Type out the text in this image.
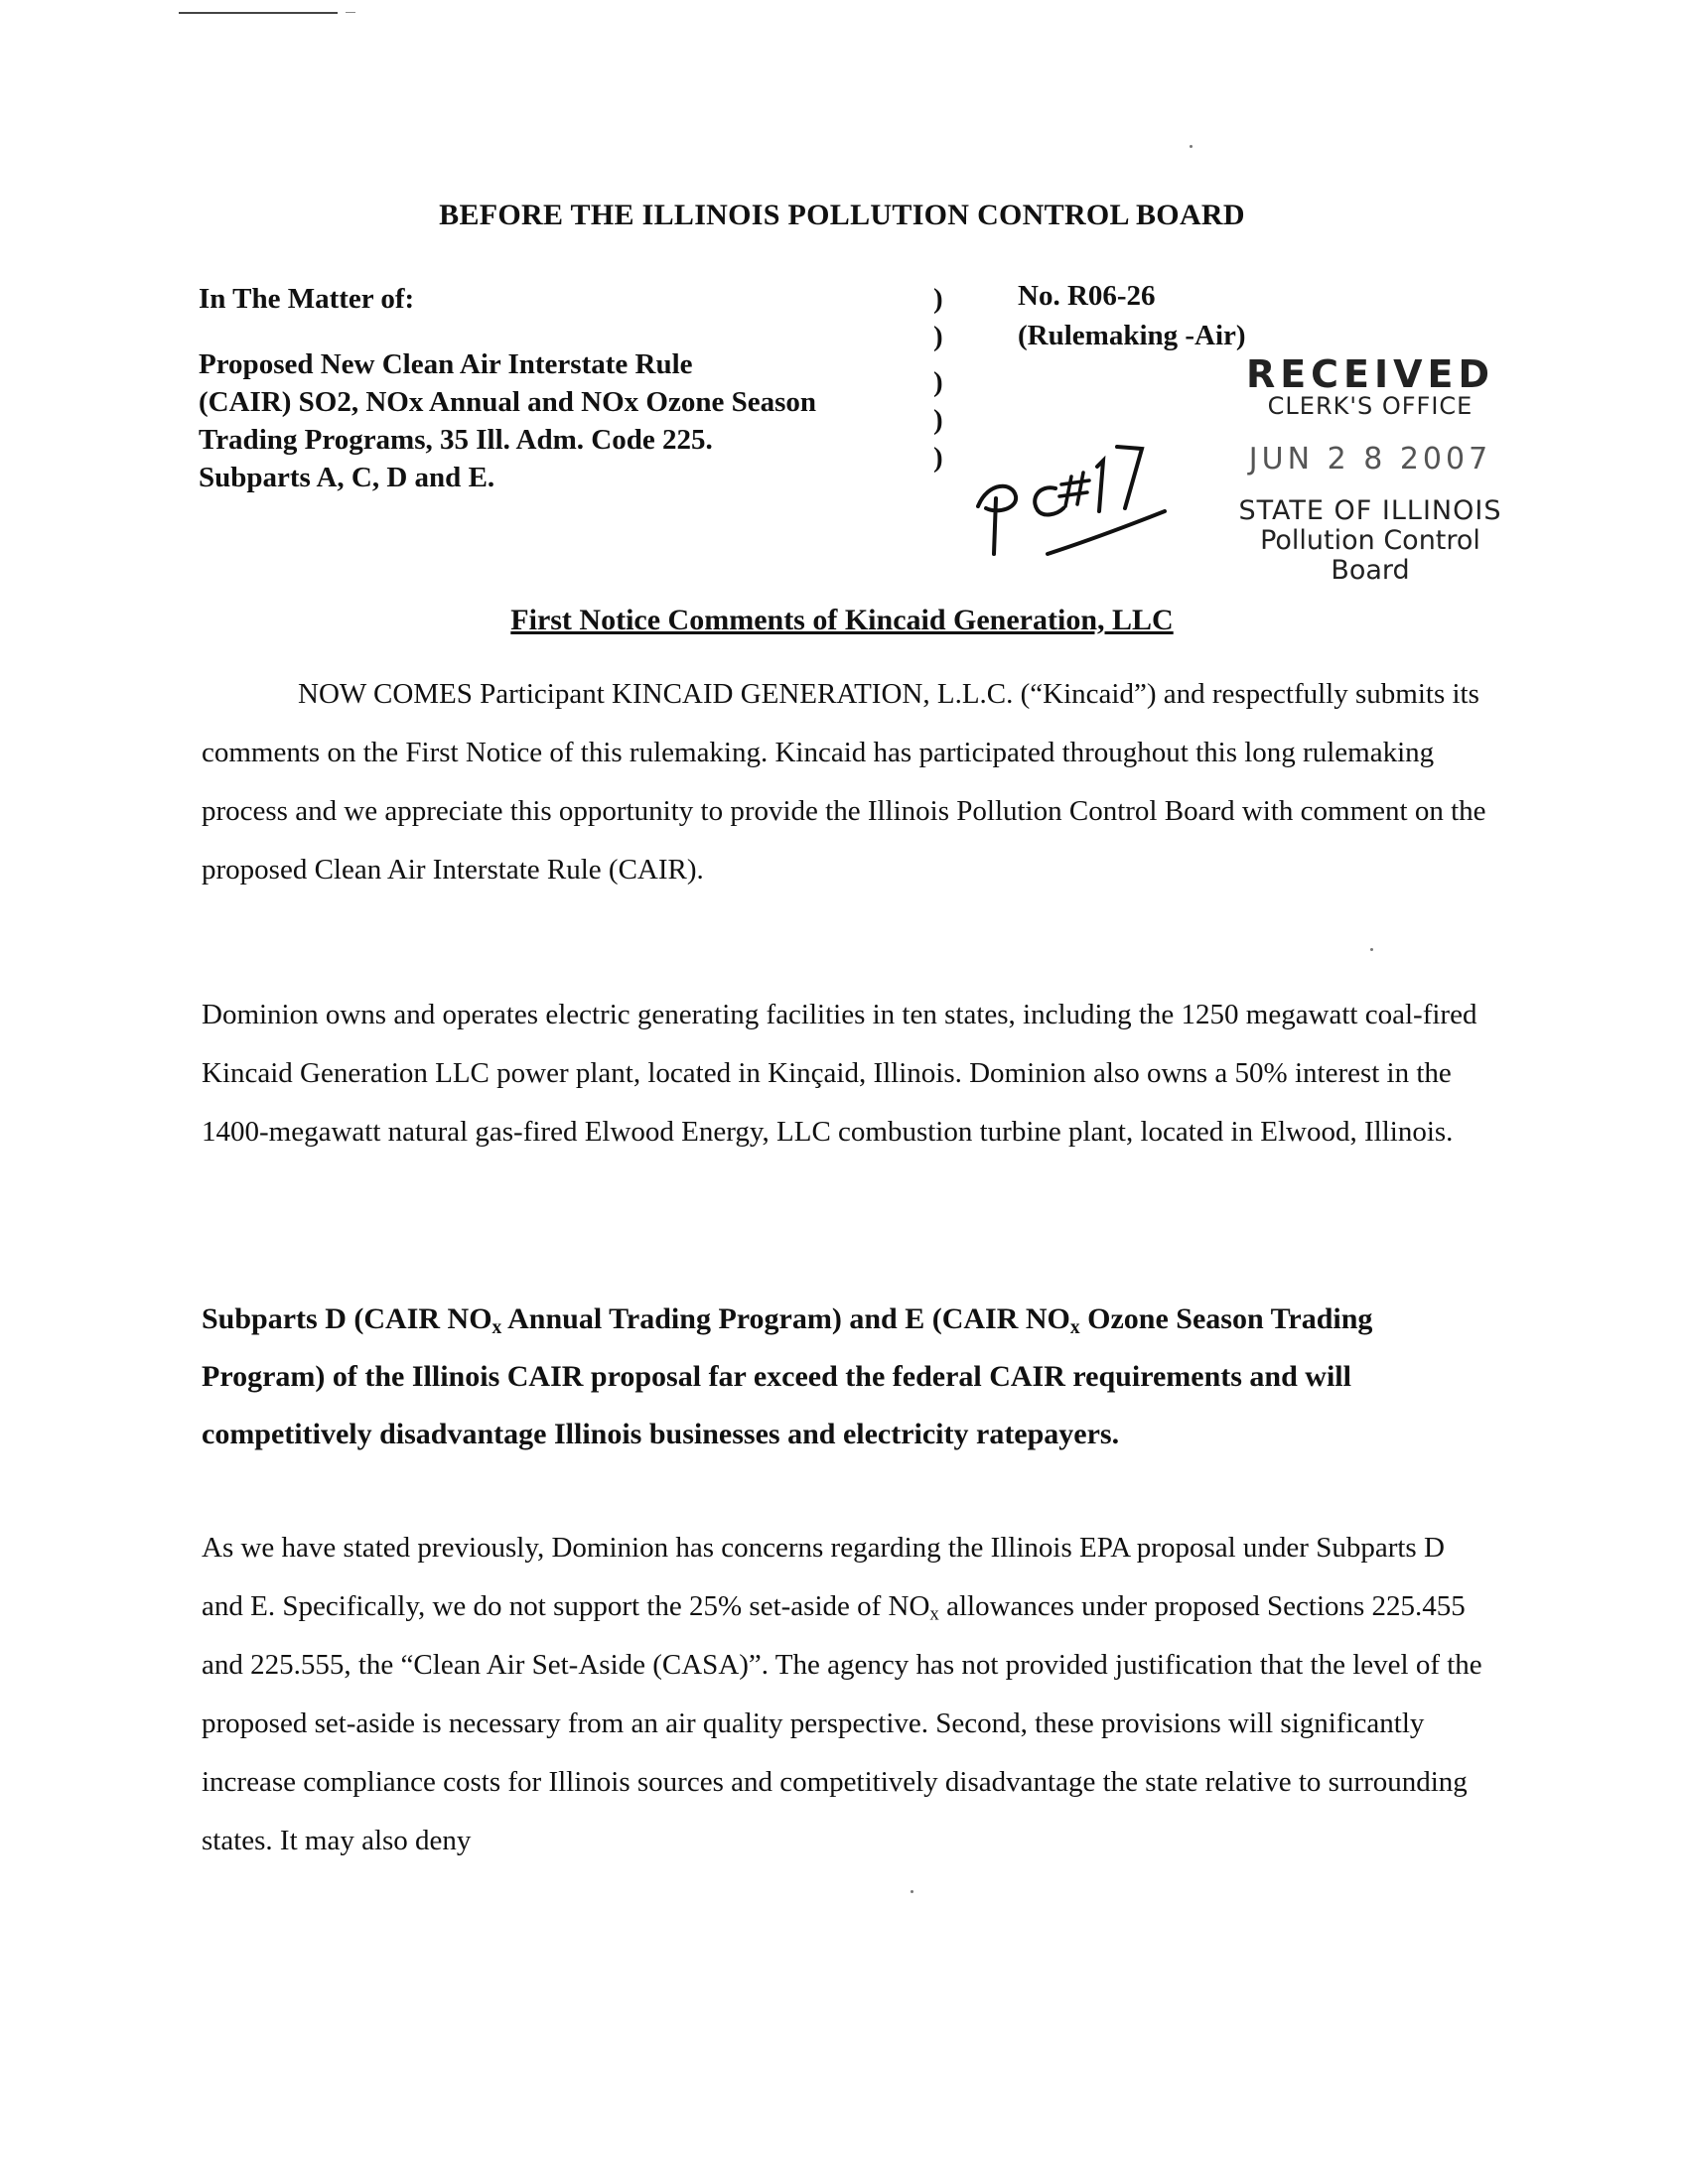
BEFORE THE ILLINOIS POLLUTION CONTROL BOARD
In The Matter of:
Proposed New Clean Air Interstate Rule
(CAIR) SO2, NOx Annual and NOx Ozone Season
Trading Programs, 35 Ill. Adm. Code 225.
Subparts A, C, D and E.
)
)
)
)
)
No. R06-26
(Rulemaking -Air)
RECEIVED
CLERK'S OFFICE
JUN 2 8 2007
STATE OF ILLINOIS
Pollution Control Board
First Notice Comments of Kincaid Generation, LLC
NOW COMES Participant KINCAID GENERATION, L.L.C. (“Kincaid”) and respectfully submits its comments on the First Notice of this rulemaking. Kincaid has participated throughout this long rulemaking process and we appreciate this opportunity to provide the Illinois Pollution Control Board with comment on the proposed Clean Air Interstate Rule (CAIR).
Dominion owns and operates electric generating facilities in ten states, including the 1250 megawatt coal-fired Kincaid Generation LLC power plant, located in Kinçaid, Illinois. Dominion also owns a 50% interest in the 1400-megawatt natural gas-fired Elwood Energy, LLC combustion turbine plant, located in Elwood, Illinois.
Subparts D (CAIR $NO_x$ Annual Trading Program) and E (CAIR $NO_x$ Ozone Season Trading Program) of the Illinois CAIR proposal far exceed the federal CAIR requirements and will competitively disadvantage Illinois businesses and electricity ratepayers.
As we have stated previously, Dominion has concerns regarding the Illinois EPA proposal under Subparts D and E. Specifically, we do not support the 25% set-aside of $NO_x$ allowances under proposed Sections 225.455 and 225.555, the “Clean Air Set-Aside (CASA)”. The agency has not provided justification that the level of the proposed set-aside is necessary from an air quality perspective. Second, these provisions will significantly increase compliance costs for Illinois sources and competitively disadvantage the state relative to surrounding states. It may also deny
